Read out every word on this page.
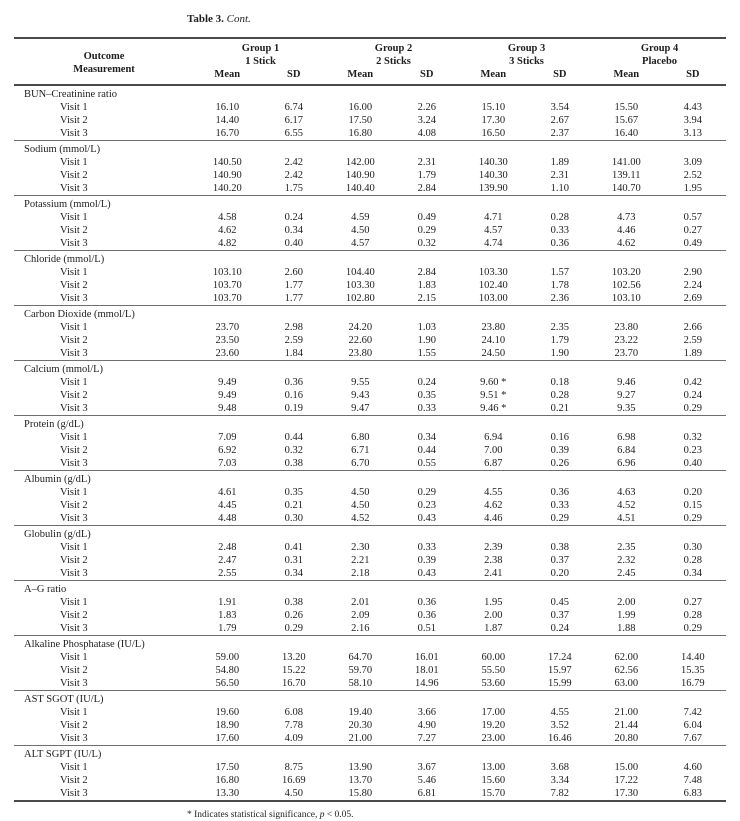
Table 3. Cont.
Outcome
Measurement

Group 1
1 Stick

Group 2
2 Sticks

Group 3
3 Sticks

Group 4
Placebo

	Mean	SD	Mean	SD	Mean	SD	Mean	SD
BUN–Creatinine ratio								
Visit 1	16.10	6.74	16.00	2.26	15.10	3.54	15.50	4.43
Visit 2	14.40	6.17	17.50	3.24	17.30	2.67	15.67	3.94
Visit 3	16.70	6.55	16.80	4.08	16.50	2.37	16.40	3.13
Sodium (mmol/L)								
Visit 1	140.50	2.42	142.00	2.31	140.30	1.89	141.00	3.09
Visit 2	140.90	2.42	140.90	1.79	140.30	2.31	139.11	2.52
Visit 3	140.20	1.75	140.40	2.84	139.90	1.10	140.70	1.95
Potassium (mmol/L)								
Visit 1	4.58	0.24	4.59	0.49	4.71	0.28	4.73	0.57
Visit 2	4.62	0.34	4.50	0.29	4.57	0.33	4.46	0.27
Visit 3	4.82	0.40	4.57	0.32	4.74	0.36	4.62	0.49
Chloride (mmol/L)								
Visit 1	103.10	2.60	104.40	2.84	103.30	1.57	103.20	2.90
Visit 2	103.70	1.77	103.30	1.83	102.40	1.78	102.56	2.24
Visit 3	103.70	1.77	102.80	2.15	103.00	2.36	103.10	2.69
Carbon Dioxide (mmol/L)								
Visit 1	23.70	2.98	24.20	1.03	23.80	2.35	23.80	2.66
Visit 2	23.50	2.59	22.60	1.90	24.10	1.79	23.22	2.59
Visit 3	23.60	1.84	23.80	1.55	24.50	1.90	23.70	1.89
Calcium (mmol/L)								
Visit 1	9.49	0.36	9.55	0.24	9.60 *	0.18	9.46	0.42
Visit 2	9.49	0.16	9.43	0.35	9.51 *	0.28	9.27	0.24
Visit 3	9.48	0.19	9.47	0.33	9.46 *	0.21	9.35	0.29
Protein (g/dL)								
Visit 1	7.09	0.44	6.80	0.34	6.94	0.16	6.98	0.32
Visit 2	6.92	0.32	6.71	0.44	7.00	0.39	6.84	0.23
Visit 3	7.03	0.38	6.70	0.55	6.87	0.26	6.96	0.40
Albumin (g/dL)								
Visit 1	4.61	0.35	4.50	0.29	4.55	0.36	4.63	0.20
Visit 2	4.45	0.21	4.50	0.23	4.62	0.33	4.52	0.15
Visit 3	4.48	0.30	4.52	0.43	4.46	0.29	4.51	0.29
Globulin (g/dL)								
Visit 1	2.48	0.41	2.30	0.33	2.39	0.38	2.35	0.30
Visit 2	2.47	0.31	2.21	0.39	2.38	0.37	2.32	0.28
Visit 3	2.55	0.34	2.18	0.43	2.41	0.20	2.45	0.34
A–G ratio								
Visit 1	1.91	0.38	2.01	0.36	1.95	0.45	2.00	0.27
Visit 2	1.83	0.26	2.09	0.36	2.00	0.37	1.99	0.28
Visit 3	1.79	0.29	2.16	0.51	1.87	0.24	1.88	0.29
Alkaline Phosphatase (IU/L)								
Visit 1	59.00	13.20	64.70	16.01	60.00	17.24	62.00	14.40
Visit 2	54.80	15.22	59.70	18.01	55.50	15.97	62.56	15.35
Visit 3	56.50	16.70	58.10	14.96	53.60	15.99	63.00	16.79
AST SGOT (IU/L)								
Visit 1	19.60	6.08	19.40	3.66	17.00	4.55	21.00	7.42
Visit 2	18.90	7.78	20.30	4.90	19.20	3.52	21.44	6.04
Visit 3	17.60	4.09	21.00	7.27	23.00	16.46	20.80	7.67
ALT SGPT (IU/L)								
Visit 1	17.50	8.75	13.90	3.67	13.00	3.68	15.00	4.60
Visit 2	16.80	16.69	13.70	5.46	15.60	3.34	17.22	7.48
Visit 3	13.30	4.50	15.80	6.81	15.70	7.82	17.30	6.83
* Indicates statistical significance, p < 0.05.
